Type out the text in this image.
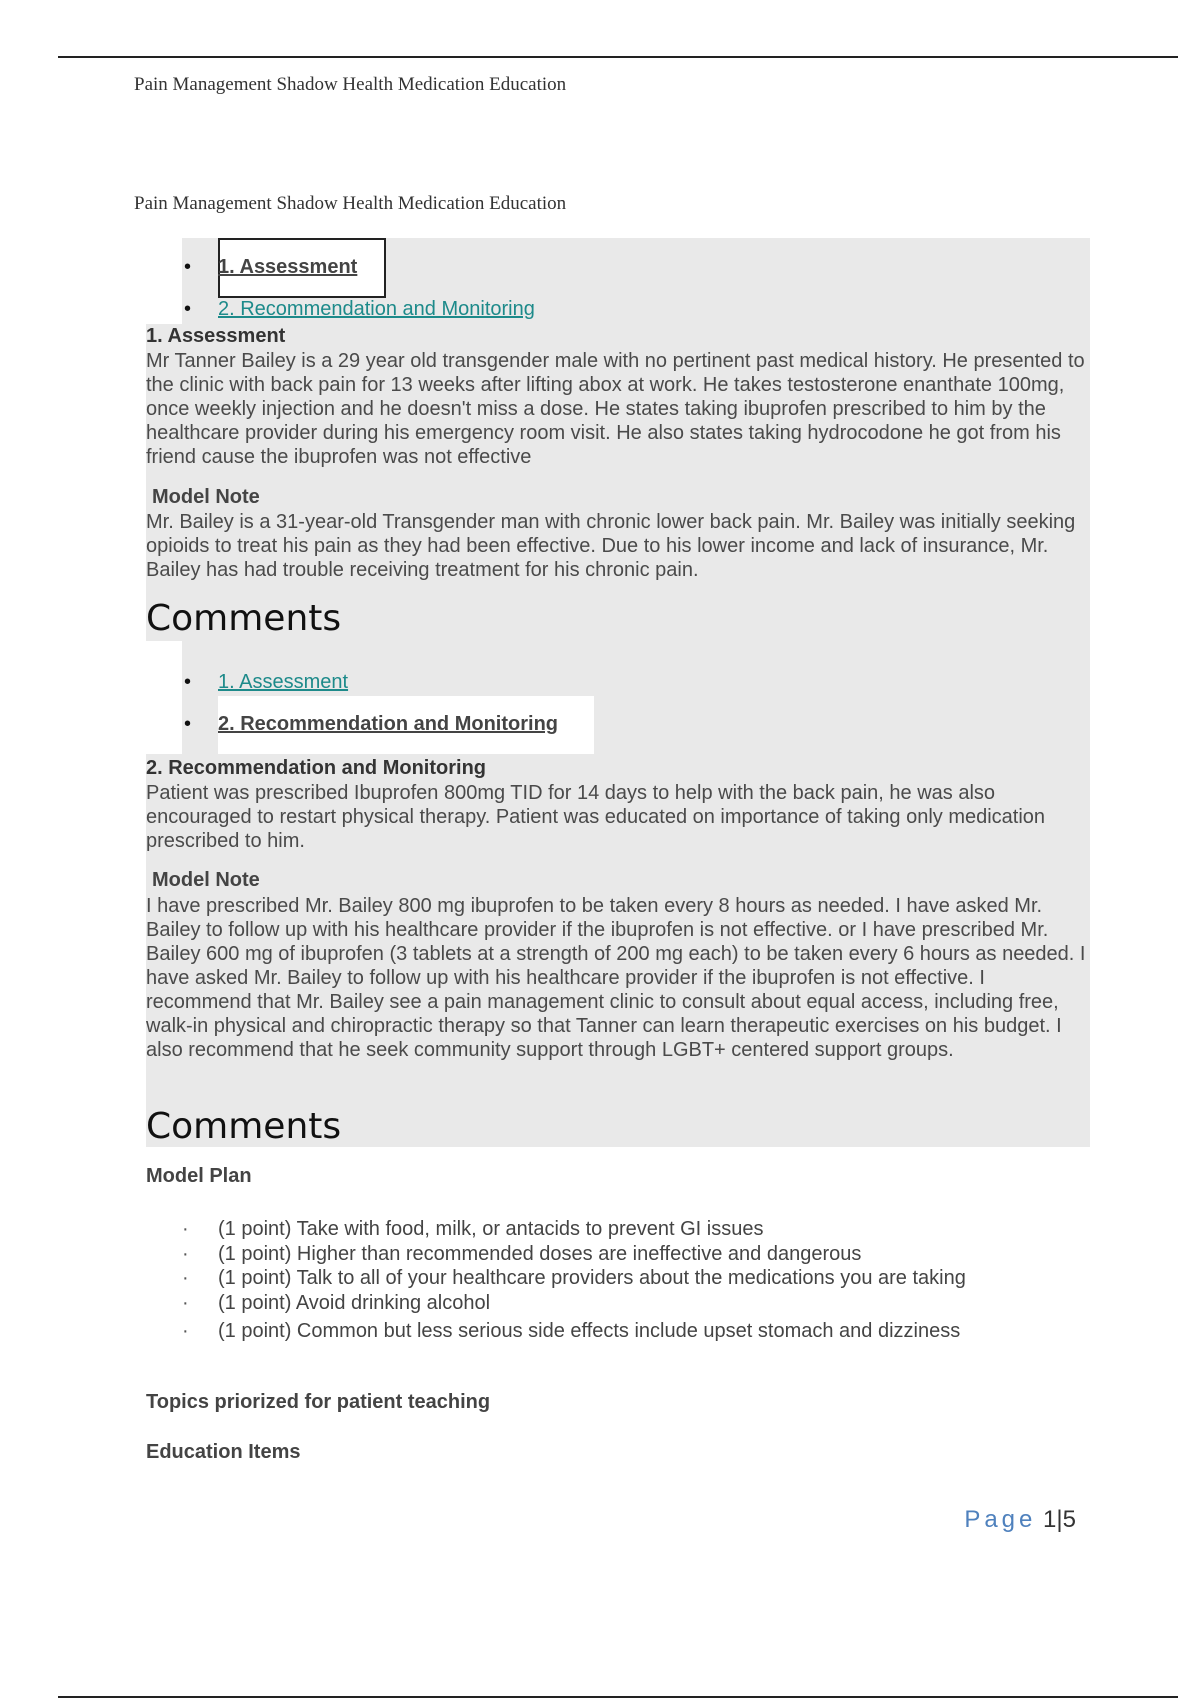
Pain Management Shadow Health Medication Education
Pain Management Shadow Health Medication Education
• 1. Assessment
• 2. Recommendation and Monitoring
1. Assessment

Mr Tanner Bailey is a 29 year old transgender male with no pertinent past medical history. He presented to the clinic with back pain for 13 weeks after lifting abox at work. He takes testosterone enanthate 100mg, once weekly injection and he doesn't miss a dose. He states taking ibuprofen prescribed to him by the healthcare provider during his emergency room visit. He also states taking hydrocodone he got from his friend cause the ibuprofen was not effective

Model Note

Mr. Bailey is a 31-year-old Transgender man with chronic lower back pain. Mr. Bailey was initially seeking opioids to treat his pain as they had been effective. Due to his lower income and lack of insurance, Mr. Bailey has had trouble receiving treatment for his chronic pain.

Comments
• 1. Assessment
• 2. Recommendation and Monitoring
2. Recommendation and Monitoring

Patient was prescribed Ibuprofen 800mg TID for 14 days to help with the back pain, he was also encouraged to restart physical therapy. Patient was educated on importance of taking only medication prescribed to him.

Model Note

I have prescribed Mr. Bailey 800 mg ibuprofen to be taken every 8 hours as needed. I have asked Mr. Bailey to follow up with his healthcare provider if the ibuprofen is not effective. or I have prescribed Mr. Bailey 600 mg of ibuprofen (3 tablets at a strength of 200 mg each) to be taken every 6 hours as needed. I have asked Mr. Bailey to follow up with his healthcare provider if the ibuprofen is not effective. I recommend that Mr. Bailey see a pain management clinic to consult about equal access, including free, walk-in physical and chiropractic therapy so that Tanner can learn therapeutic exercises on his budget. I also recommend that he seek community support through LGBT+ centered support groups.

Comments
Model Plan
· (1 point) Take with food, milk, or antacids to prevent GI issues
· (1 point) Higher than recommended doses are ineffective and dangerous
· (1 point) Talk to all of your healthcare providers about the medications you are taking
· (1 point) Avoid drinking alcohol
· (1 point) Common but less serious side effects include upset stomach and dizziness
Topics priorized for patient teaching
Education Items
Page 1|5
